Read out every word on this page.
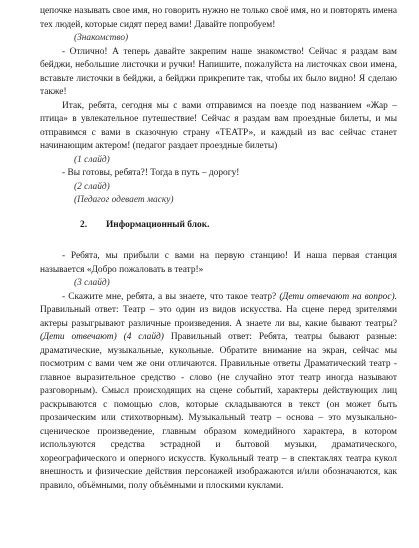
цепочке называть свое имя, но говорить нужно не только своё имя, но и повторять имена тех людей, которые сидят перед вами! Давайте попробуем!

(Знакомство)

- Отлично! А теперь давайте закрепим наше знакомство! Сейчас я раздам вам бейджи, небольшие листочки и ручки! Напишите, пожалуйста на листочках свои имена, вставьте листочки в бейджи, а бейджи прикрепите так, чтобы их было видно! Я сделаю также!

Итак, ребята, сегодня мы с вами отправимся на поезде под названием «Жар – птица» в увлекательное путешествие! Сейчас я раздам вам проездные билеты, и мы отправимся с вами в сказочную страну «ТЕАТР», и каждый из вас сейчас станет начинающим актером! (педагог раздает проездные билеты)

(1 слайд)

- Вы готовы, ребята?! Тогда в путь – дорогу!

(2 слайд)

(Педагог одевает маску)

2. Информационный блок.

- Ребята, мы прибыли с вами на первую станцию! И наша первая станция называется «Добро пожаловать в театр!»

(3 слайд)

- Скажите мне, ребята, а вы знаете, что такое театр? (Дети отвечают на вопрос). Правильный ответ: Театр – это один из видов искусства. На сцене перед зрителями актеры разыгрывают различные произведения. А знаете ли вы, какие бывают театры? (Дети отвечают) (4 слайд) Правильный ответ: Ребята, театры бывают разные: драматические, музыкальные, кукольные. Обратите внимание на экран, сейчас мы посмотрим с вами чем же они отличаются. Правильные ответы Драматический театр - главное выразительное средство - слово (не случайно этот театр иногда называют разговорным). Смысл происходящих на сцене событий, характеры действующих лиц раскрываются с помощью слов, которые складываются в текст (он может быть прозаическим или стихотворным). Музыкальный театр – основа – это музыкально-сценическое произведение, главным образом комедийного характера, в котором используются средства эстрадной и бытовой музыки, драматического, хореографического и оперного искусств. Кукольный театр – в спектаклях театра кукол внешность и физические действия персонажей изображаются и/или обозначаются, как правило, объёмными, полу объёмными и плоскими куклами.
